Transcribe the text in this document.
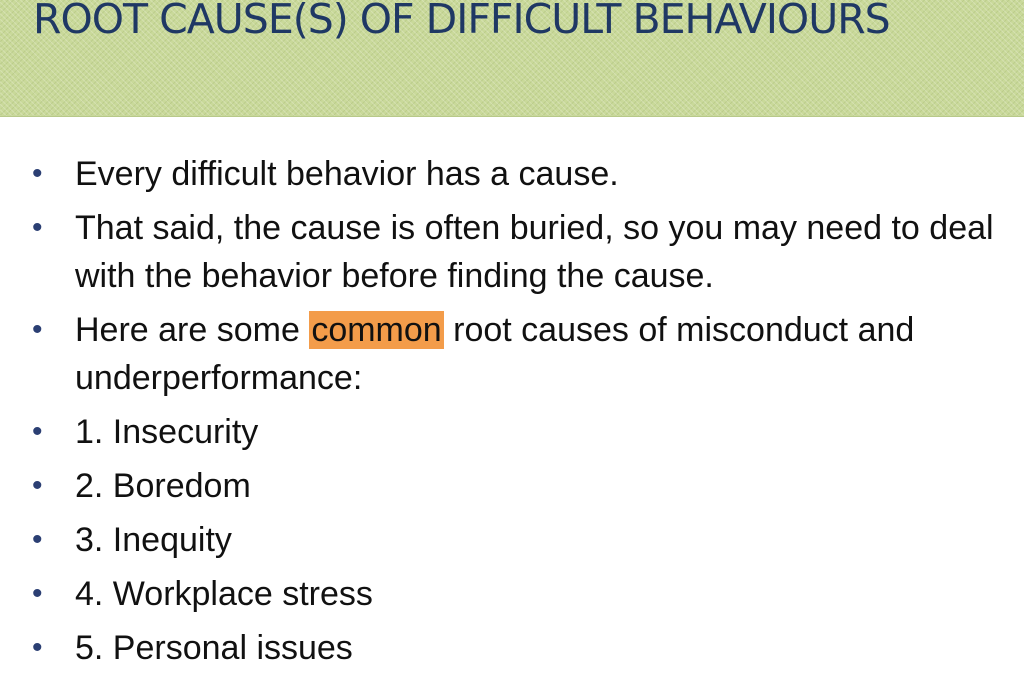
ROOT CAUSE(S) OF DIFFICULT BEHAVIOURS
• Every difficult behavior has a cause.
• That said, the cause is often buried, so you may need to deal with the behavior before finding the cause.
• Here are some common root causes of misconduct and underperformance:
• 1. Insecurity
• 2. Boredom
• 3. Inequity
• 4. Workplace stress
• 5. Personal issues
